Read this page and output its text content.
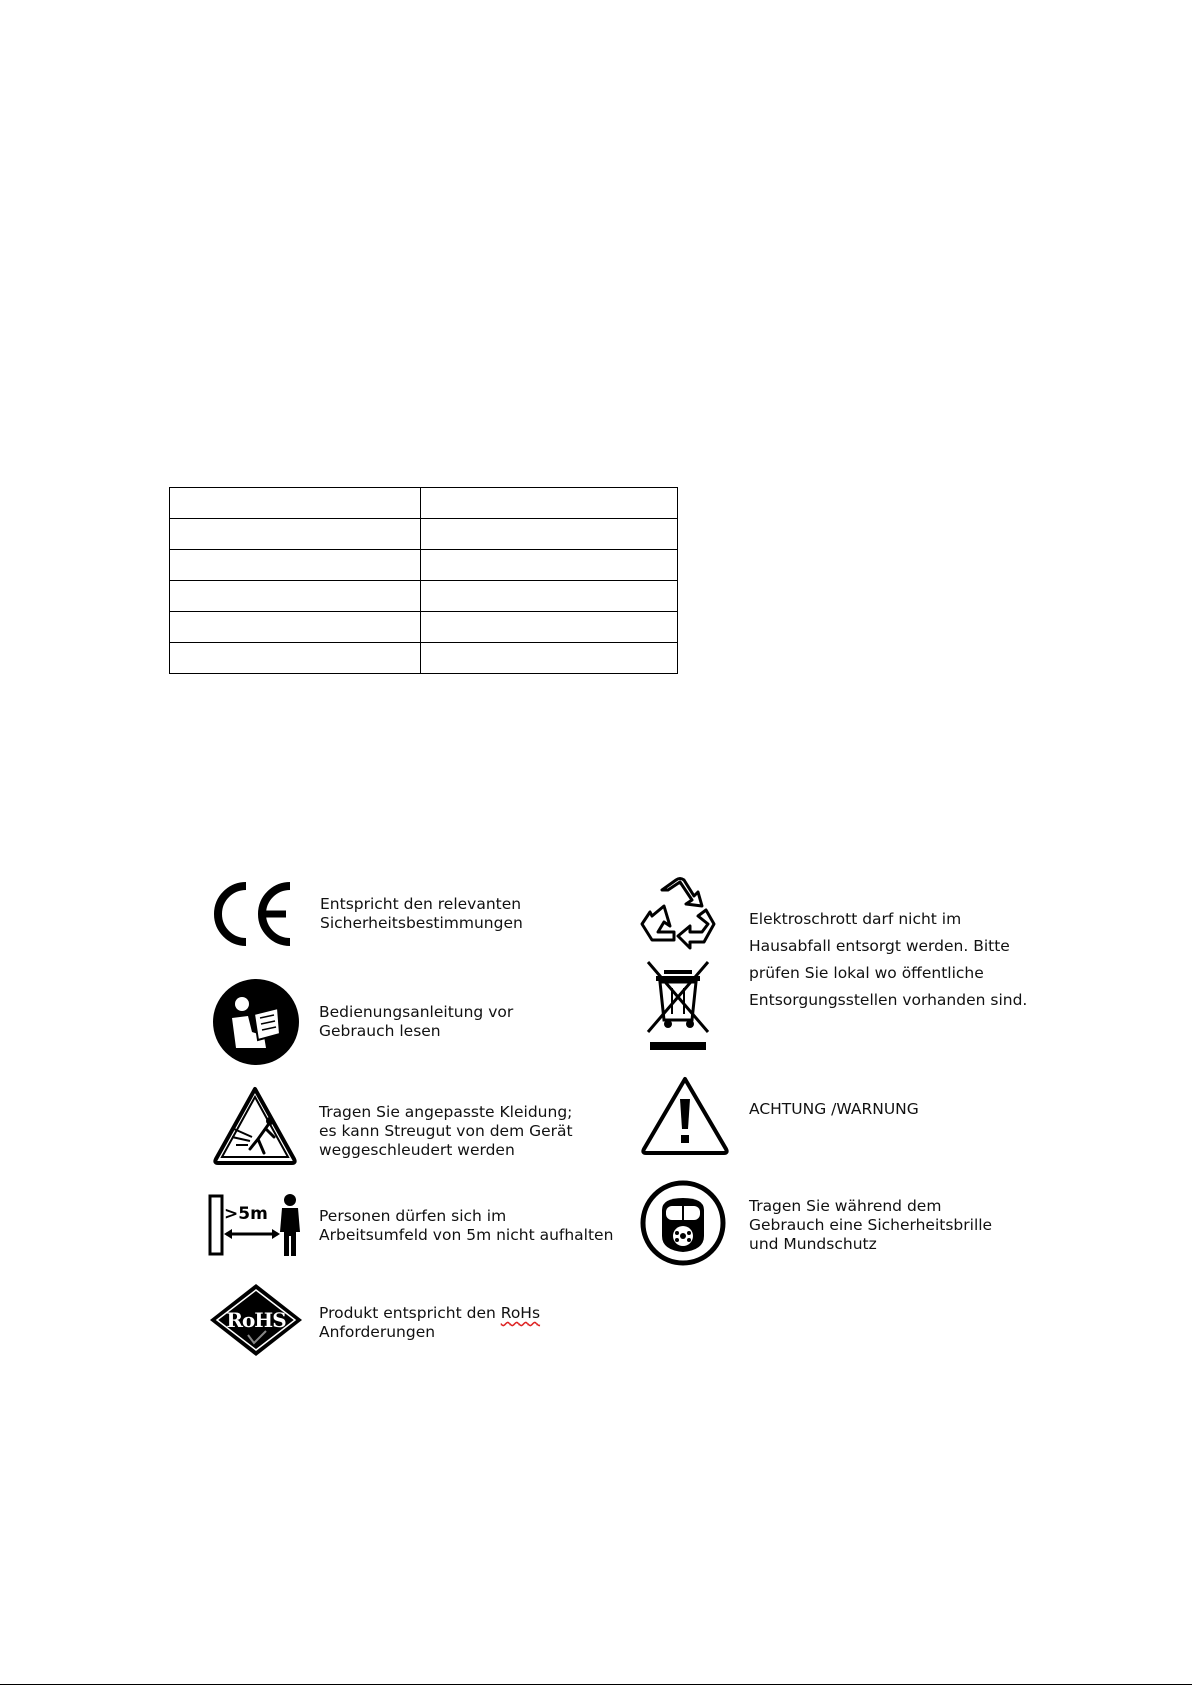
Entspricht den relevanten
Sicherheitsbestimmungen

Bedienungsanleitung vor
Gebrauch lesen

Tragen Sie angepasste Kleidung;
es kann Streugut von dem Gerät
weggeschleudert werden

>5m	Personen dürfen sich im
Arbeitsumfeld von 5m nicht aufhalten

RoHS Produkt entspricht den RoHs
Anforderungen

Elektroschrott darf nicht im
Hausabfall entsorgt werden. Bitte
prüfen Sie lokal wo öffentliche
Entsorgungsstellen vorhanden sind.

ACHTUNG /WARNUNG

Tragen Sie während dem
Gebrauch eine Sicherheitsbrille
und Mundschutz
